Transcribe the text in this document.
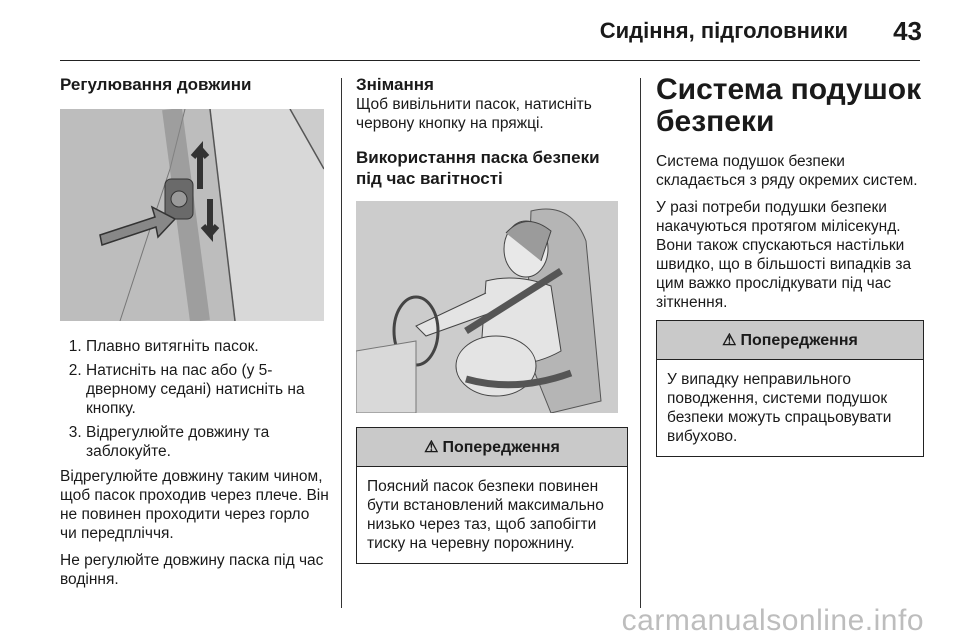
Сидіння, підголовники 43
Регулювання довжини
1. Плавно витягніть пасок.
2. Натисніть на пас або (у 5-дверному седані) натисніть на кнопку.
3. Відрегулюйте довжину та заблокуйте.

Відрегулюйте довжину таким чином, щоб пасок проходив через плече. Він не повинен проходити через горло чи передпліччя.

Не регулюйте довжину паска під час водіння.

Знімання

Щоб вивільнити пасок, натисніть червону кнопку на пряжці.

Використання паска безпеки під час вагітності
⚠ Попередження
Поясний пасок безпеки повинен бути встановлений максимально низько через таз, щоб запобігти тиску на черевну порожнину.
Система подушок безпеки

Система подушок безпеки складається з ряду окремих систем.

У разі потреби подушки безпеки накачуються протягом мілісекунд. Вони також спускаються настільки швидко, що в більшості випадків за цим важко прослідкувати під час зіткнення.

⚠ Попередження
У випадку неправильного поводження, системи подушок безпеки можуть спрацьовувати вибухово.
carmanualsonline.info
